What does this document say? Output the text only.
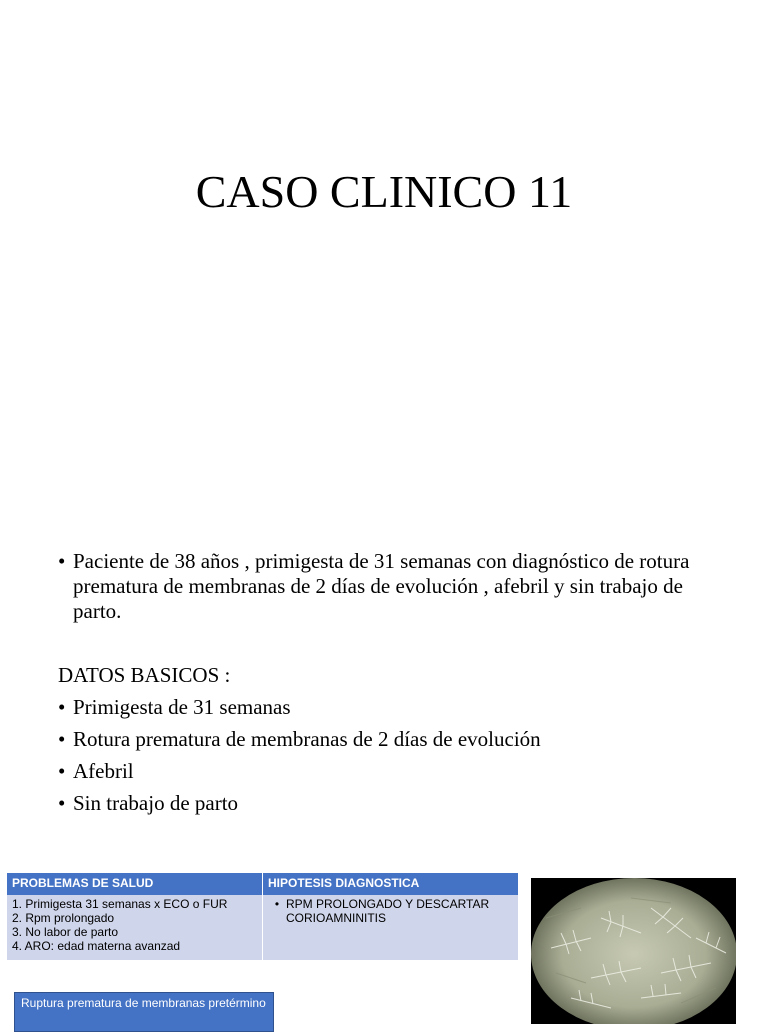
CASO CLINICO 11
• Paciente de 38 años , primigesta de 31 semanas con diagnóstico de rotura prematura de membranas de 2 días de evolución , afebril y sin trabajo de parto.
DATOS BASICOS :
• Primigesta de 31 semanas
• Rotura prematura de membranas de 2 días de evolución
• Afebril
• Sin trabajo de parto
PROBLEMAS DE SALUD	HIPOTESIS DIAGNOSTICA
1. Primigesta 31 semanas x ECO o FUR
2. Rpm prolongado
3. No labor de parto
4. ARO: edad materna avanzad
• RPM PROLONGADO Y DESCARTAR CORIOAMNINITIS
Ruptura prematura de membranas pretérmino
